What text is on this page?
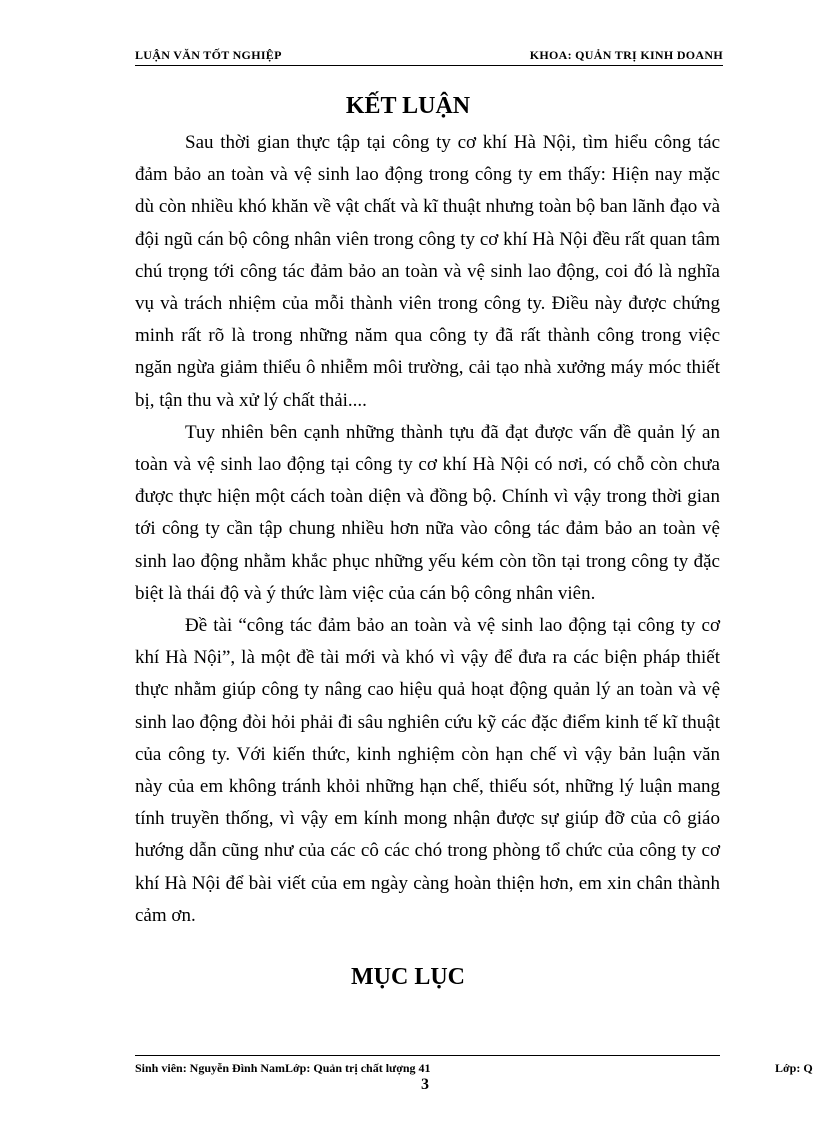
LUẬN VĂN TỐT NGHIỆP	KHOA: QUẢN TRỊ KINH DOANH
KẾT LUẬN

Sau thời gian thực tập tại công ty cơ khí Hà Nội, tìm hiểu công tác đảm bảo an toàn và vệ sinh lao động trong công ty em thấy: Hiện nay mặc dù còn nhiều khó khăn về vật chất và kĩ thuật nhưng toàn bộ ban lãnh đạo và đội ngũ cán bộ công nhân viên trong công ty cơ khí Hà Nội đều rất quan tâm chú trọng tới công tác đảm bảo an toàn và vệ sinh lao động, coi đó là nghĩa vụ và trách nhiệm của mỗi thành viên trong công ty. Điều này được chứng minh rất rõ là trong những năm qua công ty đã rất thành công trong việc ngăn ngừa giảm thiểu ô nhiễm môi trường, cải tạo nhà xưởng máy móc thiết bị, tận thu và xử lý chất thải....

Tuy nhiên bên cạnh những thành tựu đã đạt được vấn đề quản lý an toàn và vệ sinh lao động tại công ty cơ khí Hà Nội có nơi, có chỗ còn chưa được thực hiện một cách toàn diện và đồng bộ. Chính vì vậy trong thời gian tới công ty cần tập chung nhiều hơn nữa vào công tác đảm bảo an toàn vệ sinh lao động nhằm khắc phục những yếu kém còn tồn tại trong công ty đặc biệt là thái độ và ý thức làm việc của cán bộ công nhân viên.

Đề tài “công tác đảm bảo an toàn và vệ sinh lao động tại công ty cơ khí Hà Nội”, là một đề tài mới và khó vì vậy để đưa ra các biện pháp thiết thực nhằm giúp công ty nâng cao hiệu quả hoạt động quản lý an toàn và vệ sinh lao động đòi hỏi phải đi sâu nghiên cứu kỹ các đặc điểm kinh tế kĩ thuật của công ty. Với kiến thức, kinh nghiệm còn hạn chế vì vậy bản luận văn này của em không tránh khỏi những hạn chế, thiếu sót, những lý luận mang tính truyền thống, vì vậy em kính mong nhận được sự giúp đỡ của cô giáo hướng dẫn cũng như của các cô các chó trong phòng tổ chức của công ty cơ khí Hà Nội để bài viết của em ngày càng hoàn thiện hơn, em xin chân thành cảm ơn.

MỤC LỤC
Sinh viên: Nguyễn Đình NamLớp: Quản trị chất lượng 41	Lớp: Q
3
